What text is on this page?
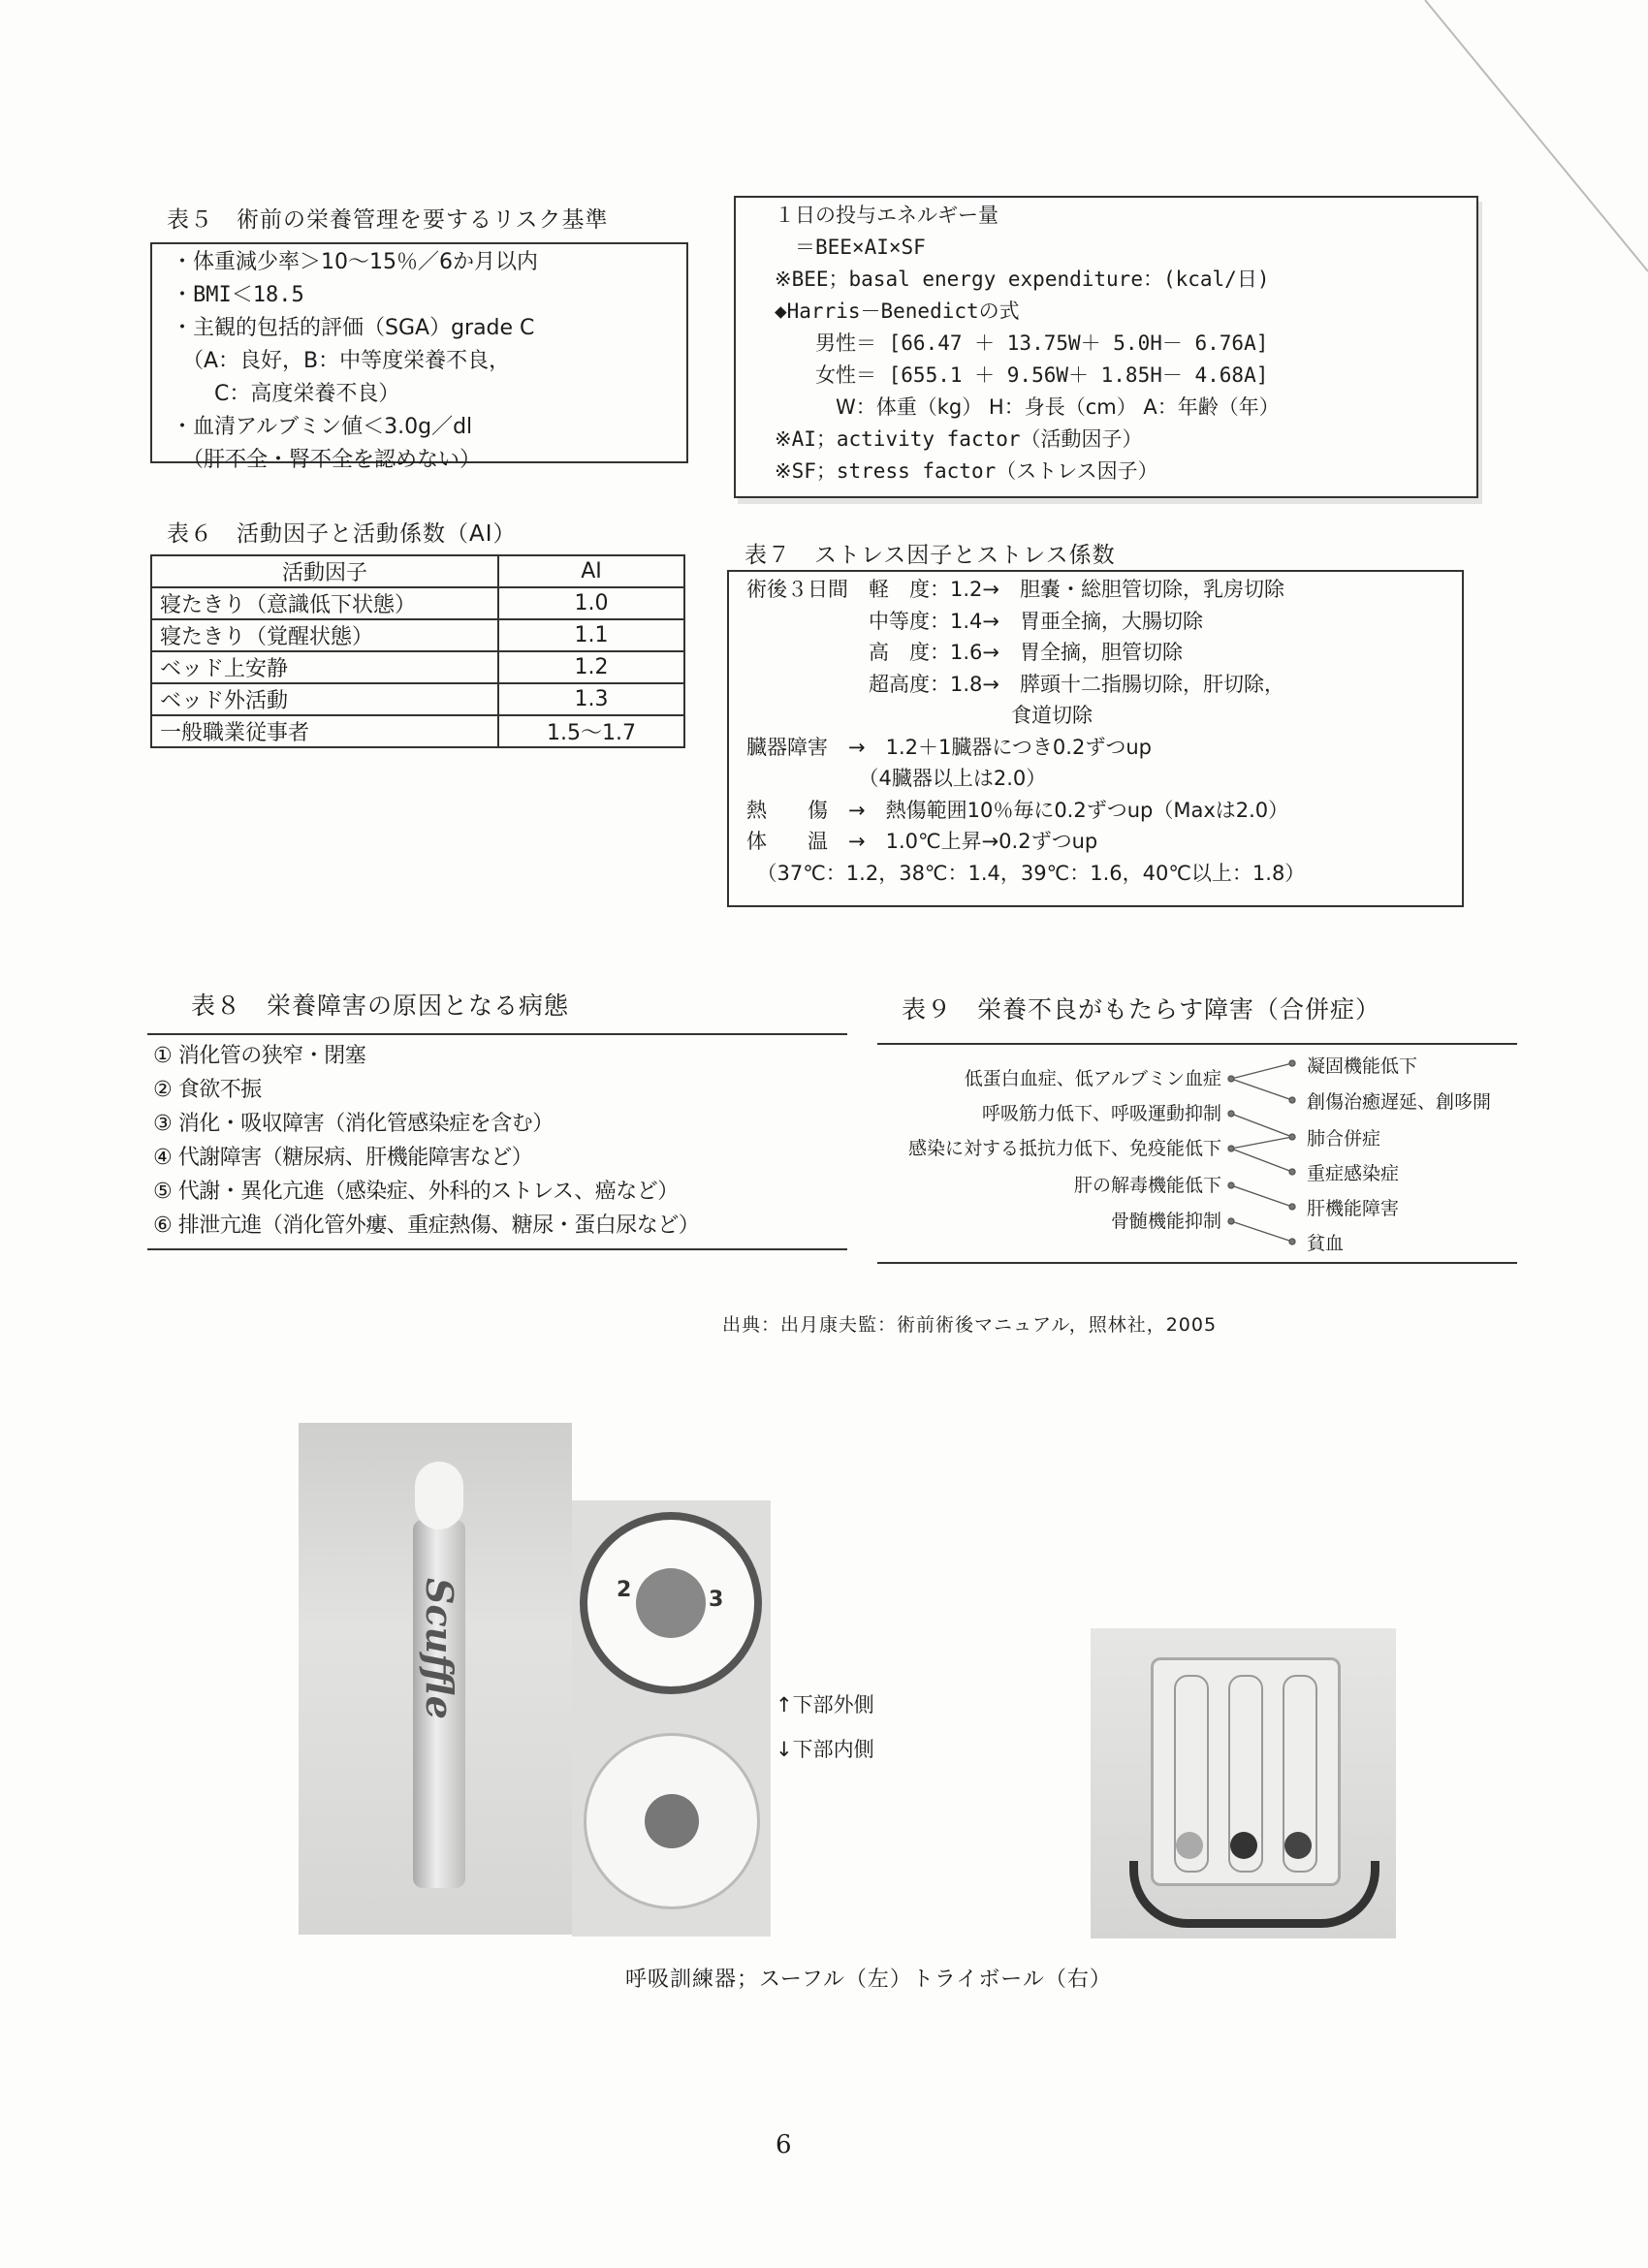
表５　術前の栄養管理を要するリスク基準
・体重減少率＞10～15％／6か月以内
・BMI＜18.5
・主観的包括的評価（SGA）grade C
　（A：良好，B：中等度栄養不良，
　　C：高度栄養不良）
・血清アルブミン値＜3.0g／dl
　（肝不全・腎不全を認めない）
１日の投与エネルギー量
　＝BEE×AI×SF
※BEE；basal energy expenditure：(kcal/日)
◆Harris－Benedictの式
　　男性＝ [66.47 ＋ 13.75W＋ 5.0H－ 6.76A]
　　女性＝ [655.1 ＋ 9.56W＋ 1.85H－ 4.68A]
　　　W：体重（kg） H：身長（cm） A：年齢（年）
※AI；activity factor（活動因子）
※SF；stress factor（ストレス因子）
表６　活動因子と活動係数（AI）
活動因子	AI
寝たきり（意識低下状態）	1.0
寝たきり（覚醒状態）	1.1
ベッド上安静	1.2
ベッド外活動	1.3
一般職業従事者	1.5～1.7
表７　ストレス因子とストレス係数
術後３日間　軽　度：1.2→　胆嚢・総胆管切除，乳房切除
　　　　　　中等度：1.4→　胃亜全摘，大腸切除
　　　　　　高　度：1.6→　胃全摘，胆管切除
　　　　　　超高度：1.8→　膵頭十二指腸切除，肝切除，
　　　　　　　　　　　　　食道切除
臓器障害　→　1.2＋1臓器につき0.2ずつup
　　　　　　（4臓器以上は2.0）
熱　　傷　→　熱傷範囲10％毎に0.2ずつup（Maxは2.0）
体　　温　→　1.0℃上昇→0.2ずつup
　（37℃：1.2，38℃：1.4，39℃：1.6，40℃以上：1.8）
表８　栄養障害の原因となる病態
① 消化管の狭窄・閉塞
② 食欲不振
③ 消化・吸収障害（消化管感染症を含む）
④ 代謝障害（糖尿病、肝機能障害など）
⑤ 代謝・異化亢進（感染症、外科的ストレス、癌など）
⑥ 排泄亢進（消化管外瘻、重症熱傷、糖尿・蛋白尿など）
表９　栄養不良がもたらす障害（合併症）
低蛋白血症、低アルブミン血症
呼吸筋力低下、呼吸運動抑制
感染に対する抵抗力低下、免疫能低下
肝の解毒機能低下
骨髄機能抑制
凝固機能低下
創傷治癒遅延、創哆開
肺合併症
重症感染症
肝機能障害
貧血
出典：出月康夫監：術前術後マニュアル，照林社，2005
Scuffle	2	3
↑下部外側
↓下部内側
呼吸訓練器；スーフル（左）トライボール（右）
6
